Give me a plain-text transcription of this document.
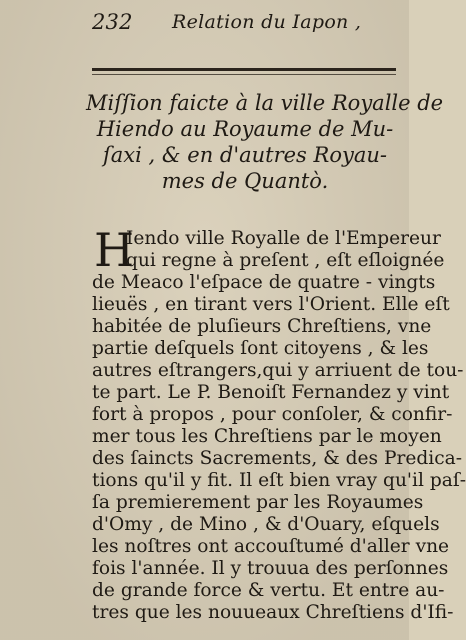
232 Relation du Iapon ,
Miſſion faicte à la ville Royalle de
Hiendo au Royaume de Mu-
ſaxi , & en d'autres Royau-
mes de Quantò.
H
Iendo ville Royalle de l'Empereur
qui regne à preſent , eſt eſloignée
de Meaco l'eſpace de quatre - vingts
lieuës , en tirant vers l'Orient. Elle eſt
habitée de pluſieurs Chreſtiens, vne
partie deſquels ſont citoyens , & les
autres eſtrangers,qui y arriuent de tou-
te part. Le P. Benoiſt Fernandez y vint
fort à propos , pour conſoler, & confir-
mer tous les Chreſtiens par le moyen
des ſaincts Sacrements, & des Predica-
tions qu'il y fit. Il eſt bien vray qu'il paſ-
ſa premierement par les Royaumes
d'Omy , de Mino , & d'Ouary, eſquels
les noſtres ont accouſtumé d'aller vne
fois l'année. Il y trouua des perſonnes
de grande force & vertu. Et entre au-
tres que les nouueaux Chreſtiens d'Ifi-
